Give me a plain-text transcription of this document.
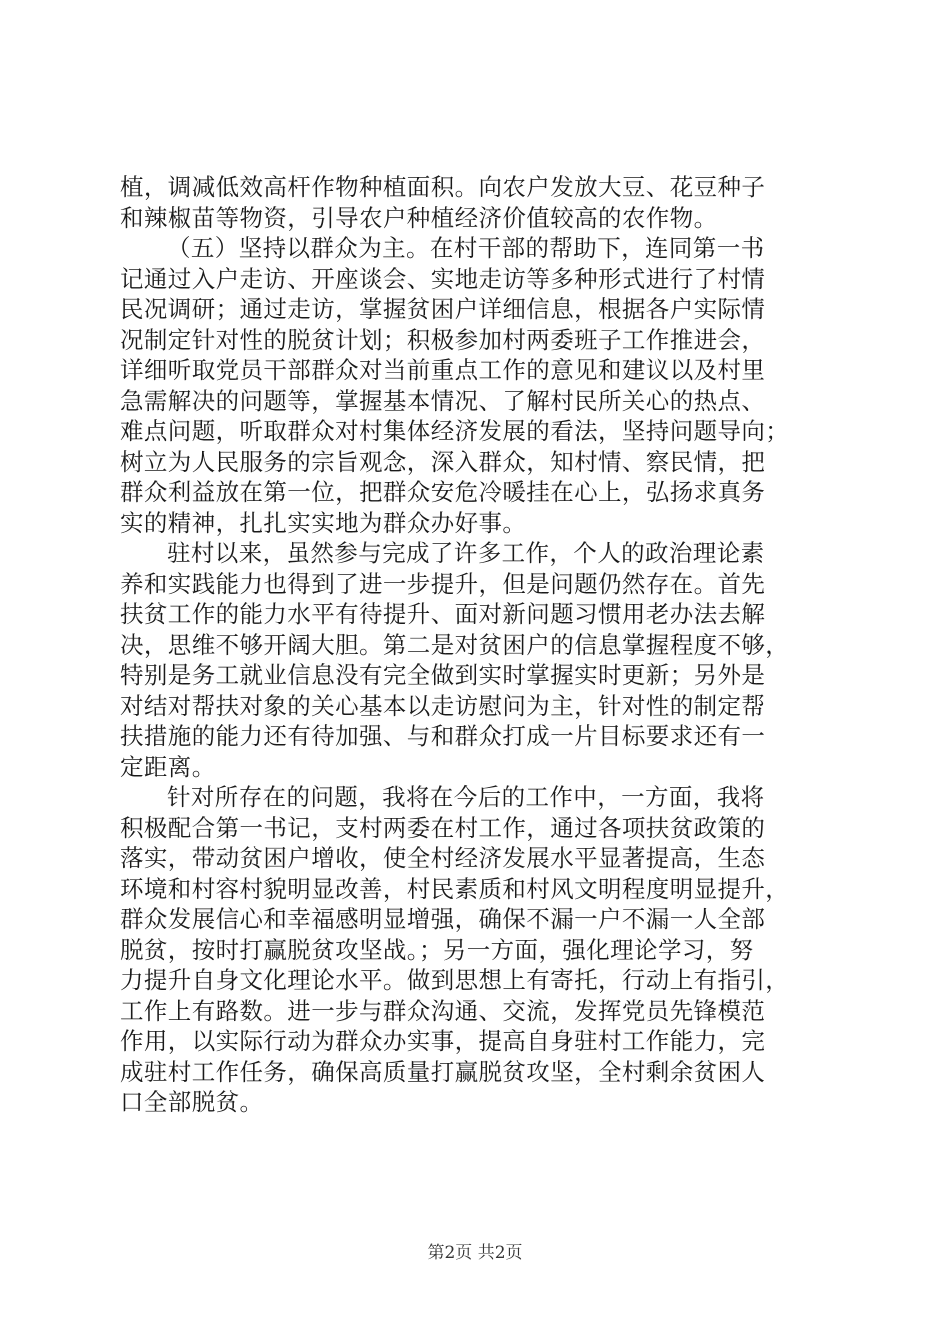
植，调减低效高杆作物种植面积。向农户发放大豆、花豆种子
和辣椒苗等物资，引导农户种植经济价值较高的农作物。
（五）坚持以群众为主。在村干部的帮助下，连同第一书
记通过入户走访、开座谈会、实地走访等多种形式进行了村情
民况调研；通过走访，掌握贫困户详细信息，根据各户实际情
况制定针对性的脱贫计划；积极参加村两委班子工作推进会，
详细听取党员干部群众对当前重点工作的意见和建议以及村里
急需解决的问题等，掌握基本情况、了解村民所关心的热点、
难点问题，听取群众对村集体经济发展的看法，坚持问题导向；
树立为人民服务的宗旨观念，深入群众，知村情、察民情，把
群众利益放在第一位，把群众安危冷暖挂在心上，弘扬求真务
实的精神，扎扎实实地为群众办好事。
驻村以来，虽然参与完成了许多工作，个人的政治理论素
养和实践能力也得到了进一步提升，但是问题仍然存在。首先
扶贫工作的能力水平有待提升、面对新问题习惯用老办法去解
决，思维不够开阔大胆。第二是对贫困户的信息掌握程度不够，
特别是务工就业信息没有完全做到实时掌握实时更新；另外是
对结对帮扶对象的关心基本以走访慰问为主，针对性的制定帮
扶措施的能力还有待加强、与和群众打成一片目标要求还有一
定距离。
针对所存在的问题，我将在今后的工作中，一方面，我将
积极配合第一书记，支村两委在村工作，通过各项扶贫政策的
落实，带动贫困户增收，使全村经济发展水平显著提高，生态
环境和村容村貌明显改善，村民素质和村风文明程度明显提升，
群众发展信心和幸福感明显增强，确保不漏一户不漏一人全部
脱贫，按时打赢脱贫攻坚战。；另一方面，强化理论学习，努
力提升自身文化理论水平。做到思想上有寄托，行动上有指引，
工作上有路数。进一步与群众沟通、交流，发挥党员先锋模范
作用，以实际行动为群众办实事，提高自身驻村工作能力，完
成驻村工作任务，确保高质量打赢脱贫攻坚，全村剩余贫困人
口全部脱贫。
第2页 共2页
